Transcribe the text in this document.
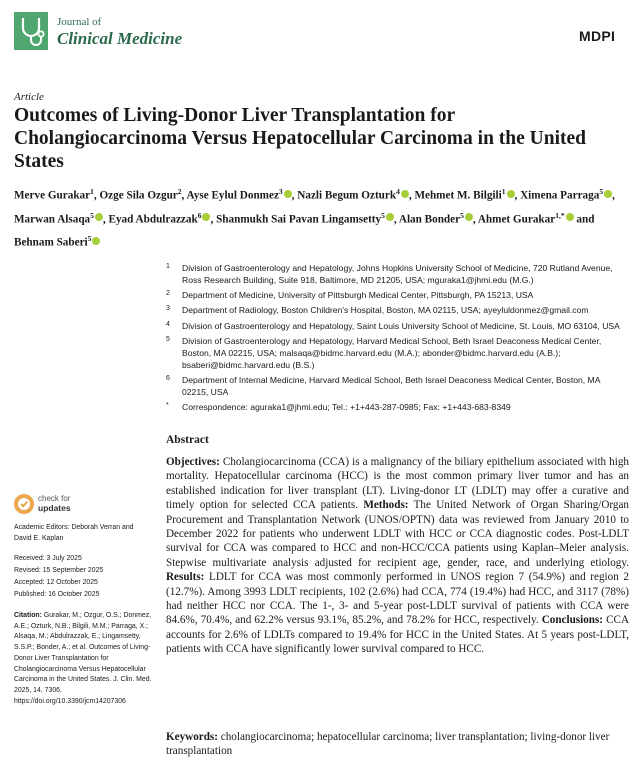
Journal of
Clinical Medicine	MDPI
Article
Outcomes of Living-Donor Liver Transplantation for Cholangiocarcinoma Versus Hepatocellular Carcinoma in the United States
Merve Gurakar$^1$, Ozge Sila Ozgur$^2$, Ayse Eylul Donmez$^3$ , Nazli Begum Ozturk$^4$ , Mehmet M. Bilgili$^1$ , Ximena Parraga$^5$ , Marwan Alsaqa$^5$ , Eyad Abdulrazzak$^6$ , Shanmukh Sai Pavan Lingamsetty$^5$ , Alan Bonder$^5$ , Ahmet Gurakar$^{1,*}$ and Behnam Saberi$^5$
1 Division of Gastroenterology and Hepatology, Johns Hopkins University School of Medicine, 720 Rutland Avenue, Ross Research Building, Suite 918, Baltimore, MD 21205, USA; mguraka1@jhmi.edu (M.G.)
2 Department of Medicine, University of Pittsburgh Medical Center, Pittsburgh, PA 15213, USA
3 Department of Radiology, Boston Children's Hospital, Boston, MA 02115, USA; ayeyluldonmez@gmail.com
4 Division of Gastroenterology and Hepatology, Saint Louis University School of Medicine, St. Louis, MO 63104, USA
5 Division of Gastroenterology and Hepatology, Harvard Medical School, Beth Israel Deaconess Medical Center, Boston, MA 02215, USA; malsaqa@bidmc.harvard.edu (M.A.); abonder@bidmc.harvard.edu (A.B.); bsaberi@bidmc.harvard.edu (B.S.)
6 Department of Internal Medicine, Harvard Medical School, Beth Israel Deaconess Medical Center, Boston, MA 02215, USA
* Correspondence: aguraka1@jhmi.edu; Tel.: +1+443-287-0985; Fax: +1+443-683-8349
Abstract
Objectives: Cholangiocarcinoma (CCA) is a malignancy of the biliary epithelium associated with high mortality. Hepatocellular carcinoma (HCC) is the most common primary liver tumor and has an established indication for liver transplant (LT). Living-donor LT (LDLT) may offer a curative and timely option for selected CCA patients. Methods: The United Network of Organ Sharing/Organ Procurement and Transplantation Network (UNOS/OPTN) data was reviewed from January 2010 to December 2022 for patients who underwent LDLT with HCC or CCA diagnostic codes. Post-LDLT survival for CCA was compared to HCC and non-HCC/CCA patients using Kaplan–Meier analysis. Stepwise multivariate analysis adjusted for recipient age, gender, race, and underlying etiology. Results: LDLT for CCA was most commonly performed in UNOS region 7 (54.9%) and region 2 (12.7%). Among 3993 LDLT recipients, 102 (2.6%) had CCA, 774 (19.4%) had HCC, and 3117 (78%) had neither HCC nor CCA. The 1-, 3- and 5-year post-LDLT survival of patients with CCA were 84.6%, 70.4%, and 62.2% versus 93.1%, 85.2%, and 78.2% for HCC, respectively. Conclusions: CCA accounts for 2.6% of LDLTs compared to 19.4% for HCC in the United States. At 5 years post-LDLT, patients with CCA have significantly lower survival compared to HCC.
Keywords: cholangiocarcinoma; hepatocellular carcinoma; liver transplantation; living-donor liver transplantation
check for
updates
Academic Editors: Deborah Verran and David E. Kaplan
Received: 3 July 2025
Revised: 15 September 2025
Accepted: 12 October 2025
Published: 16 October 2025
Citation: Gurakar, M.; Ozgur, O.S.; Donmez, A.E.; Ozturk, N.B.; Bilgili, M.M.; Parraga, X.; Alsaqa, M.; Abdulrazzak, E.; Lingamsetty, S.S.P.; Bonder, A.; et al. Outcomes of Living-Donor Liver Transplantation for Cholangiocarcinoma Versus Hepatocellular Carcinoma in the United States. J. Clin. Med. 2025, 14, 7306. https://doi.org/10.3390/jcm14207306
